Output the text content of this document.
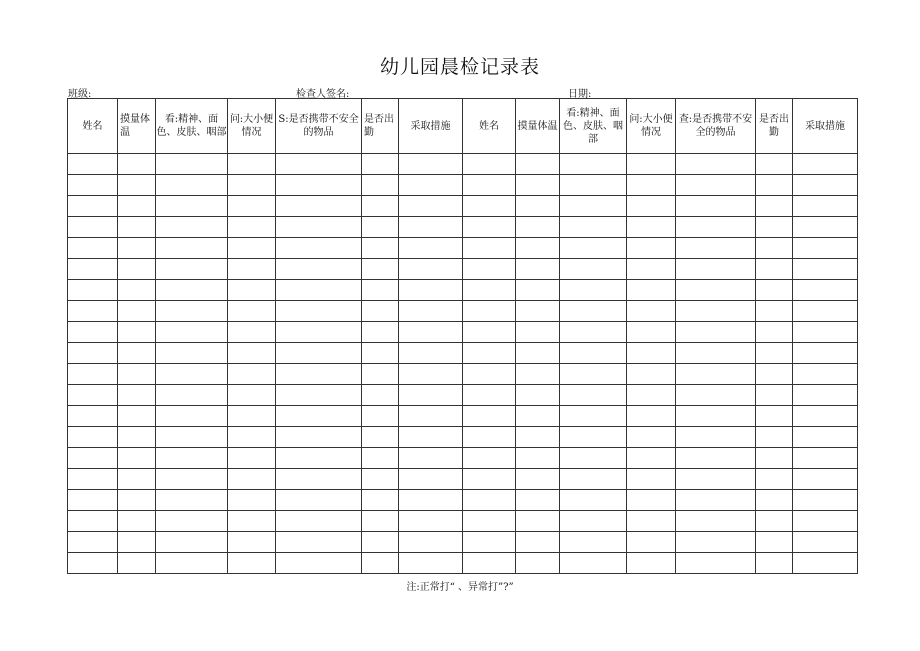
幼儿园晨检记录表
班级:	检查人签名:	日期:
姓名	摸量体温	看:精神、面色、皮肤、咽部	问:大小便情况	S:是否携带不安全的物品	是否出勤	采取措施	姓名	摸量体温	看:精神、面色、皮肤、咽部	问:大小便情况	查:是否携带不安全的物品	是否出勤	采取措施

注:正常打“ 、异常打”?”
